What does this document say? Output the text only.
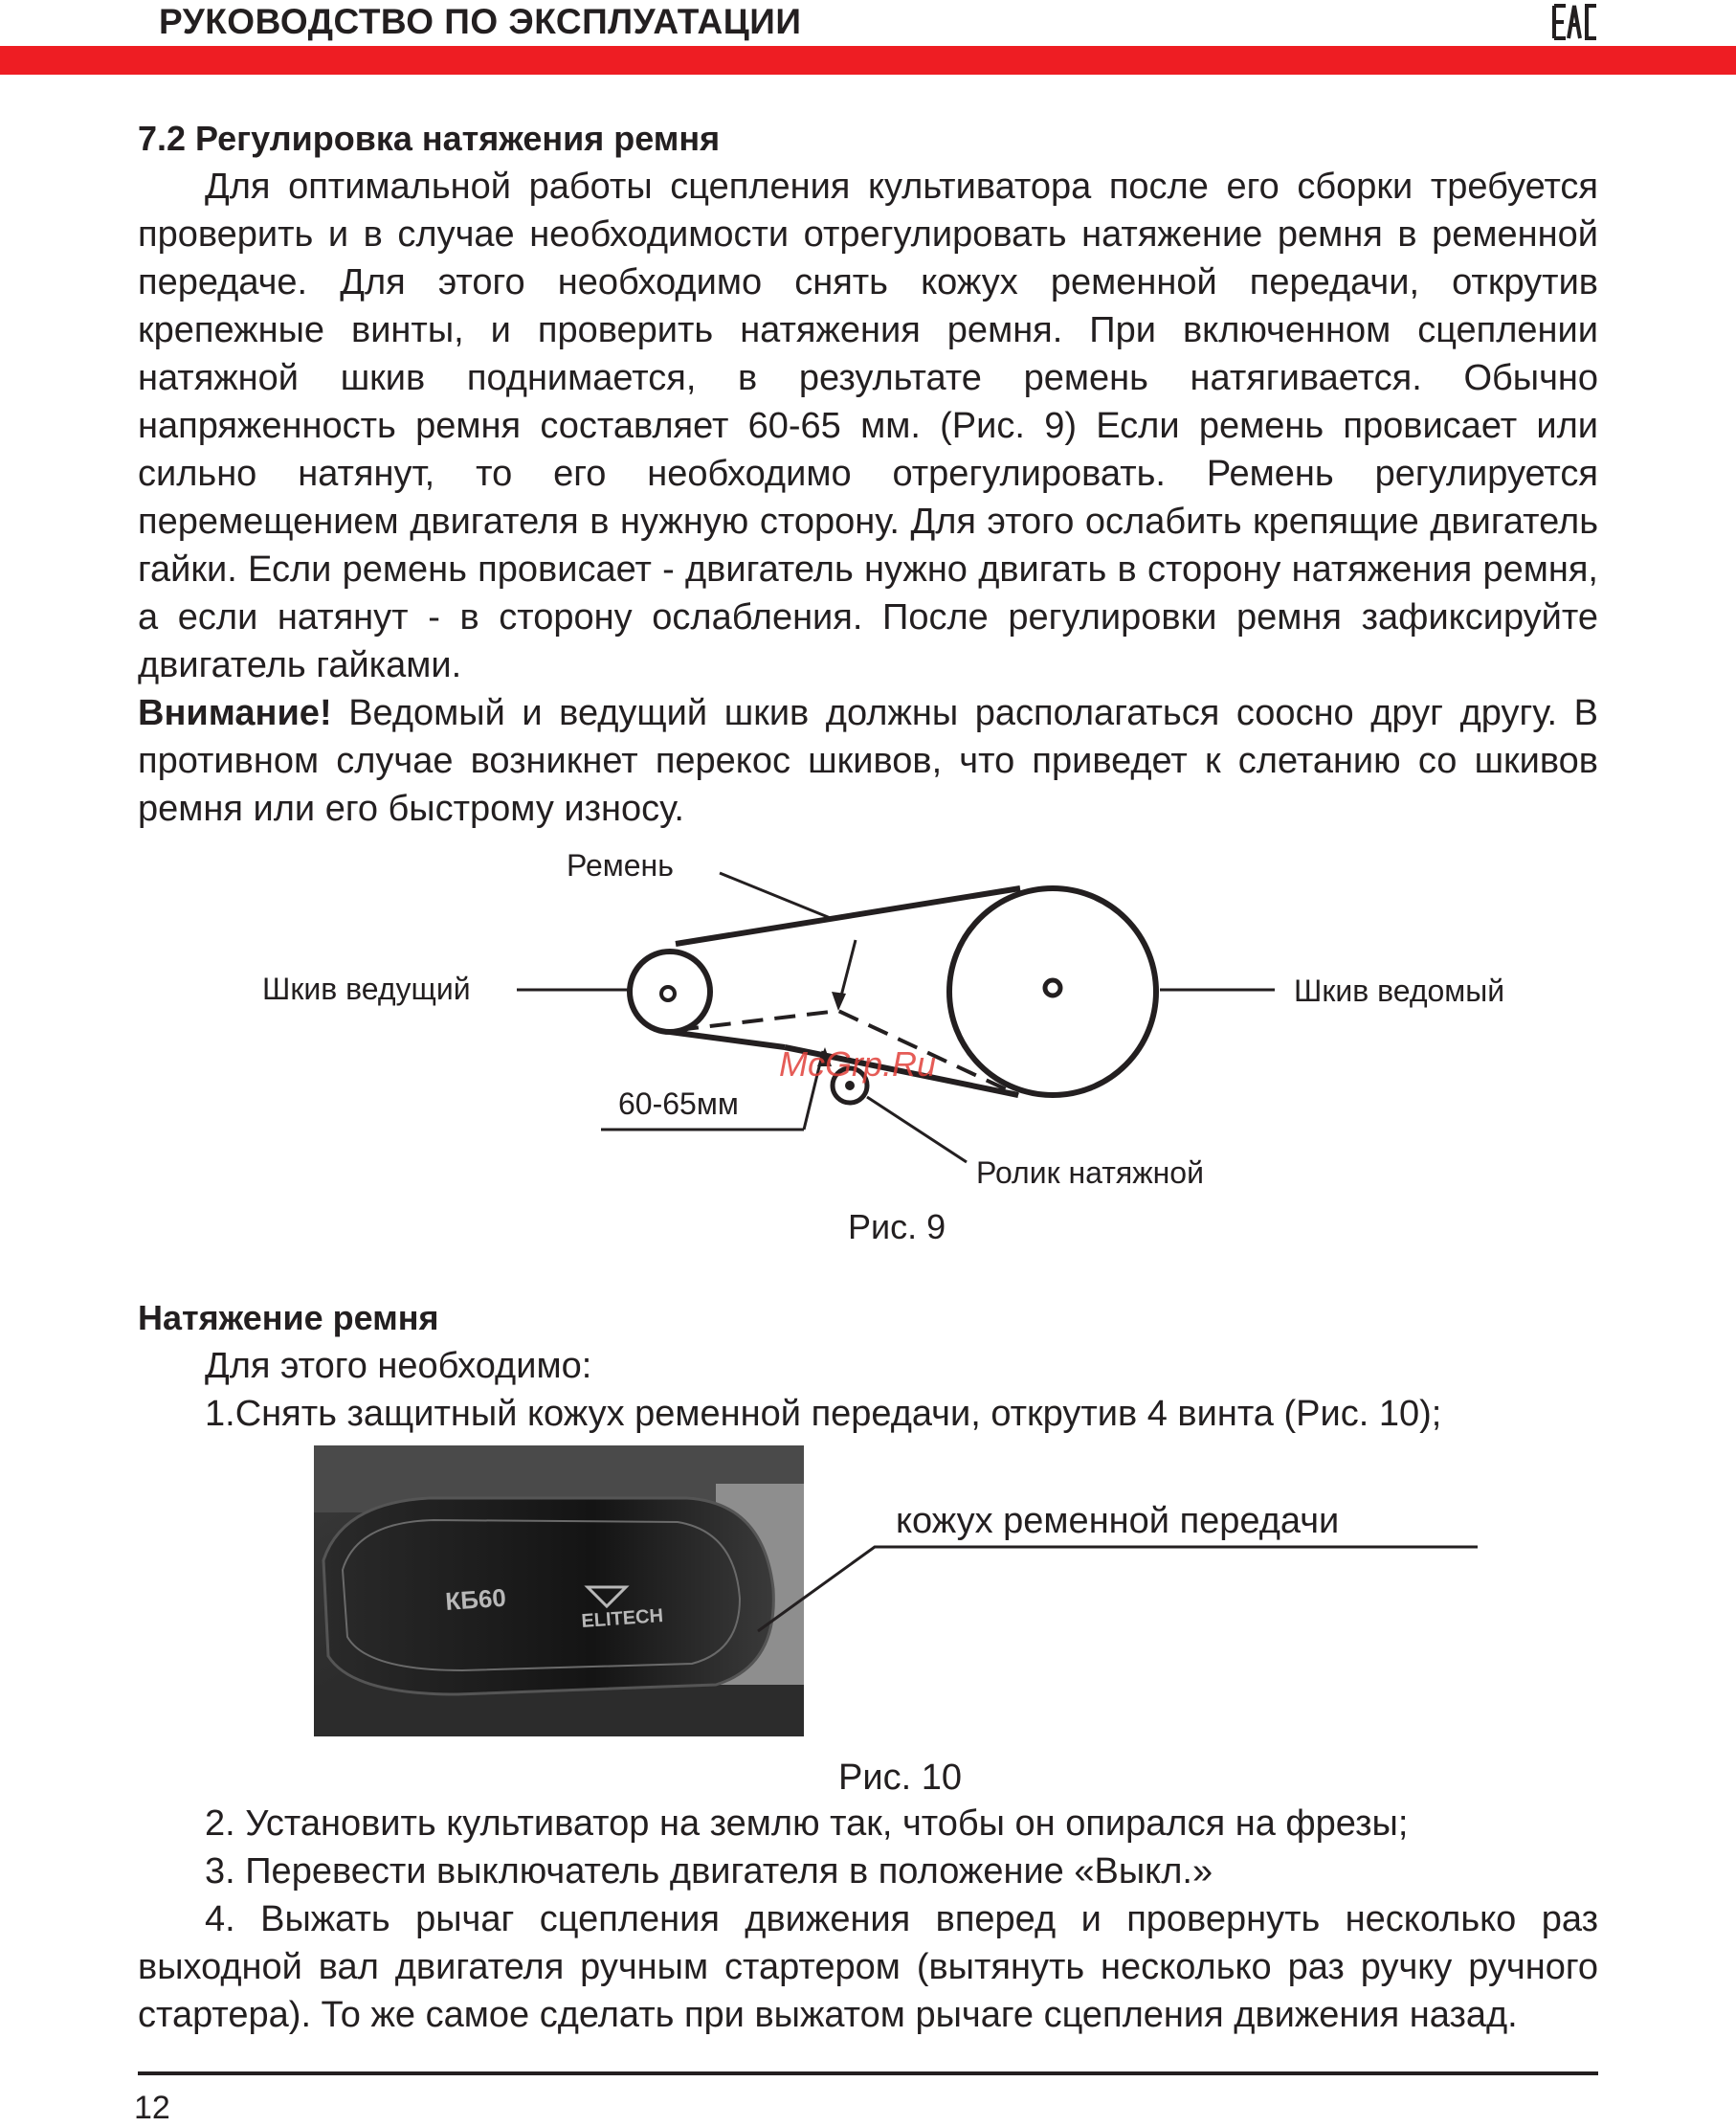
РУКОВОДСТВО ПО ЭКСПЛУАТАЦИИ

7.2 Регулировка натяжения ремня

Для оптимальной работы сцепления культиватора после его сборки требуется проверить и в случае необходимости отрегулировать натяжение ремня в ременной передаче. Для этого необходимо снять кожух ременной передачи, открутив крепежные винты, и проверить натяжения ремня. При включенном сцеплении натяжной шкив поднимается, в результате ремень натягивается. Обычно напряженность ремня составляет 60-65 мм. (Рис. 9) Если ремень провисает или сильно натянут, то его необходимо отрегулировать. Ремень регулируется перемещением двигателя в нужную сторону. Для этого ослабить крепящие двигатель гайки. Если ремень провисает - двигатель нужно двигать в сторону натяжения ремня, а если натянут - в сторону ослабления. После регулировки ремня зафиксируйте двигатель гайками.

Внимание! Ведомый и ведущий шкив должны располагаться соосно друг другу. В противном случае возникнет перекос шкивов, что приведет к слетанию со шкивов ремня или его быстрому износу.

Ремень
Шкив ведущий	Шкив ведомый
60-65мм
Ролик натяжной
McGrp.Ru
Рис. 9

Натяжение ремня

Для этого необходимо:

1.Снять защитный кожух ременной передачи, открутив 4 винта (Рис. 10);

КБ60
ELITECH
кожух ременной передачи
Рис. 10

2. Установить культиватор на землю так, чтобы он опирался на фрезы;

3. Перевести выключатель двигателя в положение «Выкл.»

4. Выжать рычаг сцепления движения вперед и провернуть несколько раз выходной вал двигателя ручным стартером (вытянуть несколько раз ручку ручного стартера). То же самое сделать при выжатом рычаге сцепления движения назад.

12
